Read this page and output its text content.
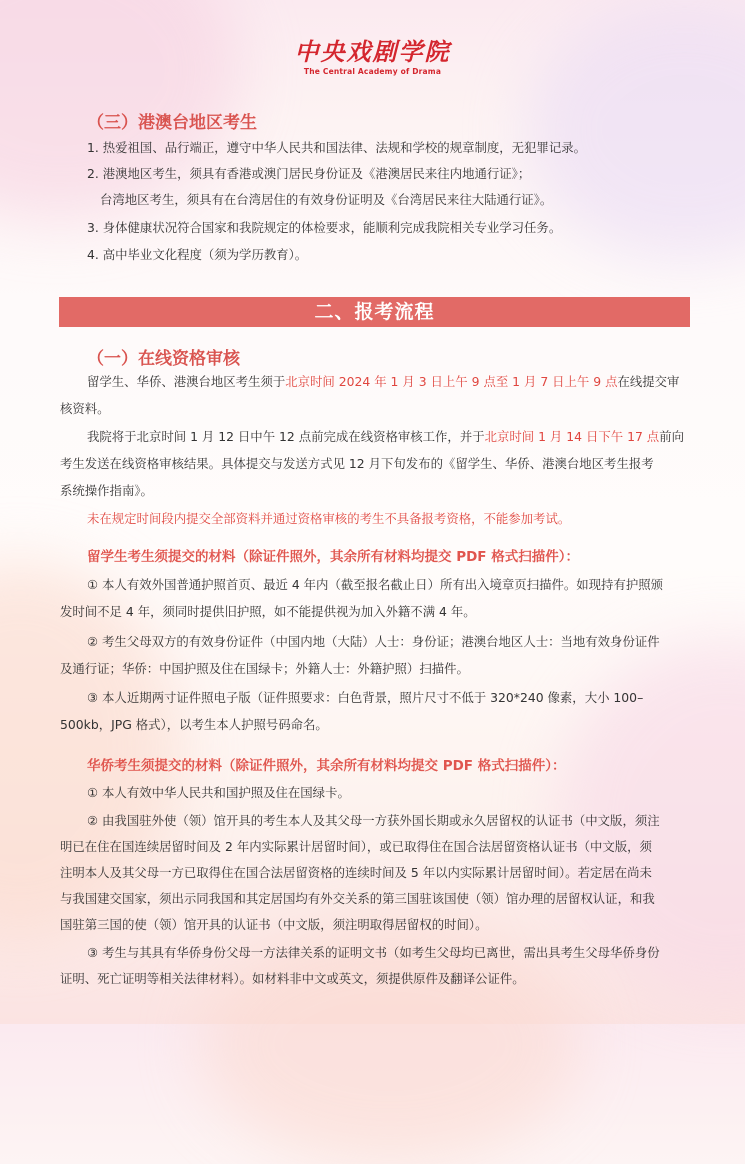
中央戏剧学院
The Central Academy of Drama
（三）港澳台地区考生
1. 热爱祖国、品行端正，遵守中华人民共和国法律、法规和学校的规章制度，无犯罪记录。
2. 港澳地区考生，须具有香港或澳门居民身份证及《港澳居民来往内地通行证》；
台湾地区考生，须具有在台湾居住的有效身份证明及《台湾居民来往大陆通行证》。
3. 身体健康状况符合国家和我院规定的体检要求，能顺利完成我院相关专业学习任务。
4. 高中毕业文化程度（须为学历教育）。
二、报考流程
（一）在线资格审核
留学生、华侨、港澳台地区考生须于北京时间 2024 年 1 月 3 日上午 9 点至 1 月 7 日上午 9 点在线提交审
核资料。
我院将于北京时间 1 月 12 日中午 12 点前完成在线资格审核工作，并于北京时间 1 月 14 日下午 17 点前向
考生发送在线资格审核结果。具体提交与发送方式见 12 月下旬发布的《留学生、华侨、港澳台地区考生报考
系统操作指南》。
未在规定时间段内提交全部资料并通过资格审核的考生不具备报考资格，不能参加考试。
留学生考生须提交的材料（除证件照外，其余所有材料均提交 PDF 格式扫描件）：
① 本人有效外国普通护照首页、最近 4 年内（截至报名截止日）所有出入境章页扫描件。如现持有护照颁
发时间不足 4 年，须同时提供旧护照，如不能提供视为加入外籍不满 4 年。
② 考生父母双方的有效身份证件（中国内地（大陆）人士：身份证；港澳台地区人士：当地有效身份证件
及通行证；华侨：中国护照及住在国绿卡；外籍人士：外籍护照）扫描件。
③ 本人近期两寸证件照电子版（证件照要求：白色背景，照片尺寸不低于 320*240 像素，大小 100–
500kb，JPG 格式），以考生本人护照号码命名。
华侨考生须提交的材料（除证件照外，其余所有材料均提交 PDF 格式扫描件）：
① 本人有效中华人民共和国护照及住在国绿卡。
② 由我国驻外使（领）馆开具的考生本人及其父母一方获外国长期或永久居留权的认证书（中文版，须注
明已在住在国连续居留时间及 2 年内实际累计居留时间），或已取得住在国合法居留资格认证书（中文版，须
注明本人及其父母一方已取得住在国合法居留资格的连续时间及 5 年以内实际累计居留时间）。若定居在尚未
与我国建交国家，须出示同我国和其定居国均有外交关系的第三国驻该国使（领）馆办理的居留权认证，和我
国驻第三国的使（领）馆开具的认证书（中文版，须注明取得居留权的时间）。
③ 考生与其具有华侨身份父母一方法律关系的证明文书（如考生父母均已离世，需出具考生父母华侨身份
证明、死亡证明等相关法律材料）。如材料非中文或英文，须提供原件及翻译公证件。
